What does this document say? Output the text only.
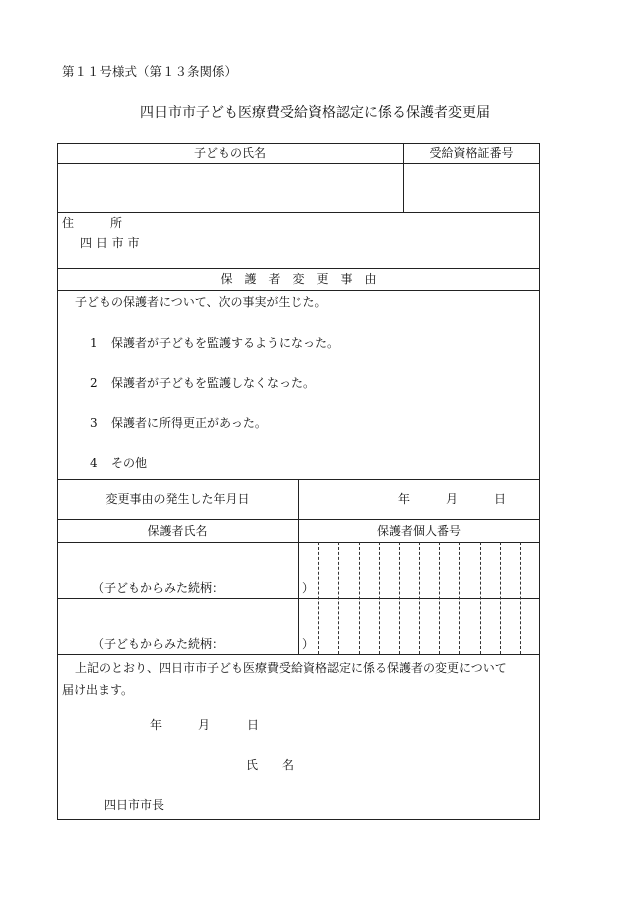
第１１号様式（第１３条関係）
四日市市子ども医療費受給資格認定に係る保護者変更届
子どもの氏名	受給資格証番号
住　　　所
四 日 市 市
保　護　者　変　更　事　由
子どもの保護者について、次の事実が生じた。
1 保護者が子どもを監護するようになった。
2 保護者が子どもを監護しなくなった。
3 保護者に所得更正があった。
4 その他
変更事由の発生した年月日	年	月	日
保護者氏名	保護者個人番号
（子どもからみた続柄：　　　　　　　）
（子どもからみた続柄：　　　　　　　）
上記のとおり、四日市市子ども医療費受給資格認定に係る保護者の変更について
届け出ます。
年	月	日
氏　　名
四日市市長
